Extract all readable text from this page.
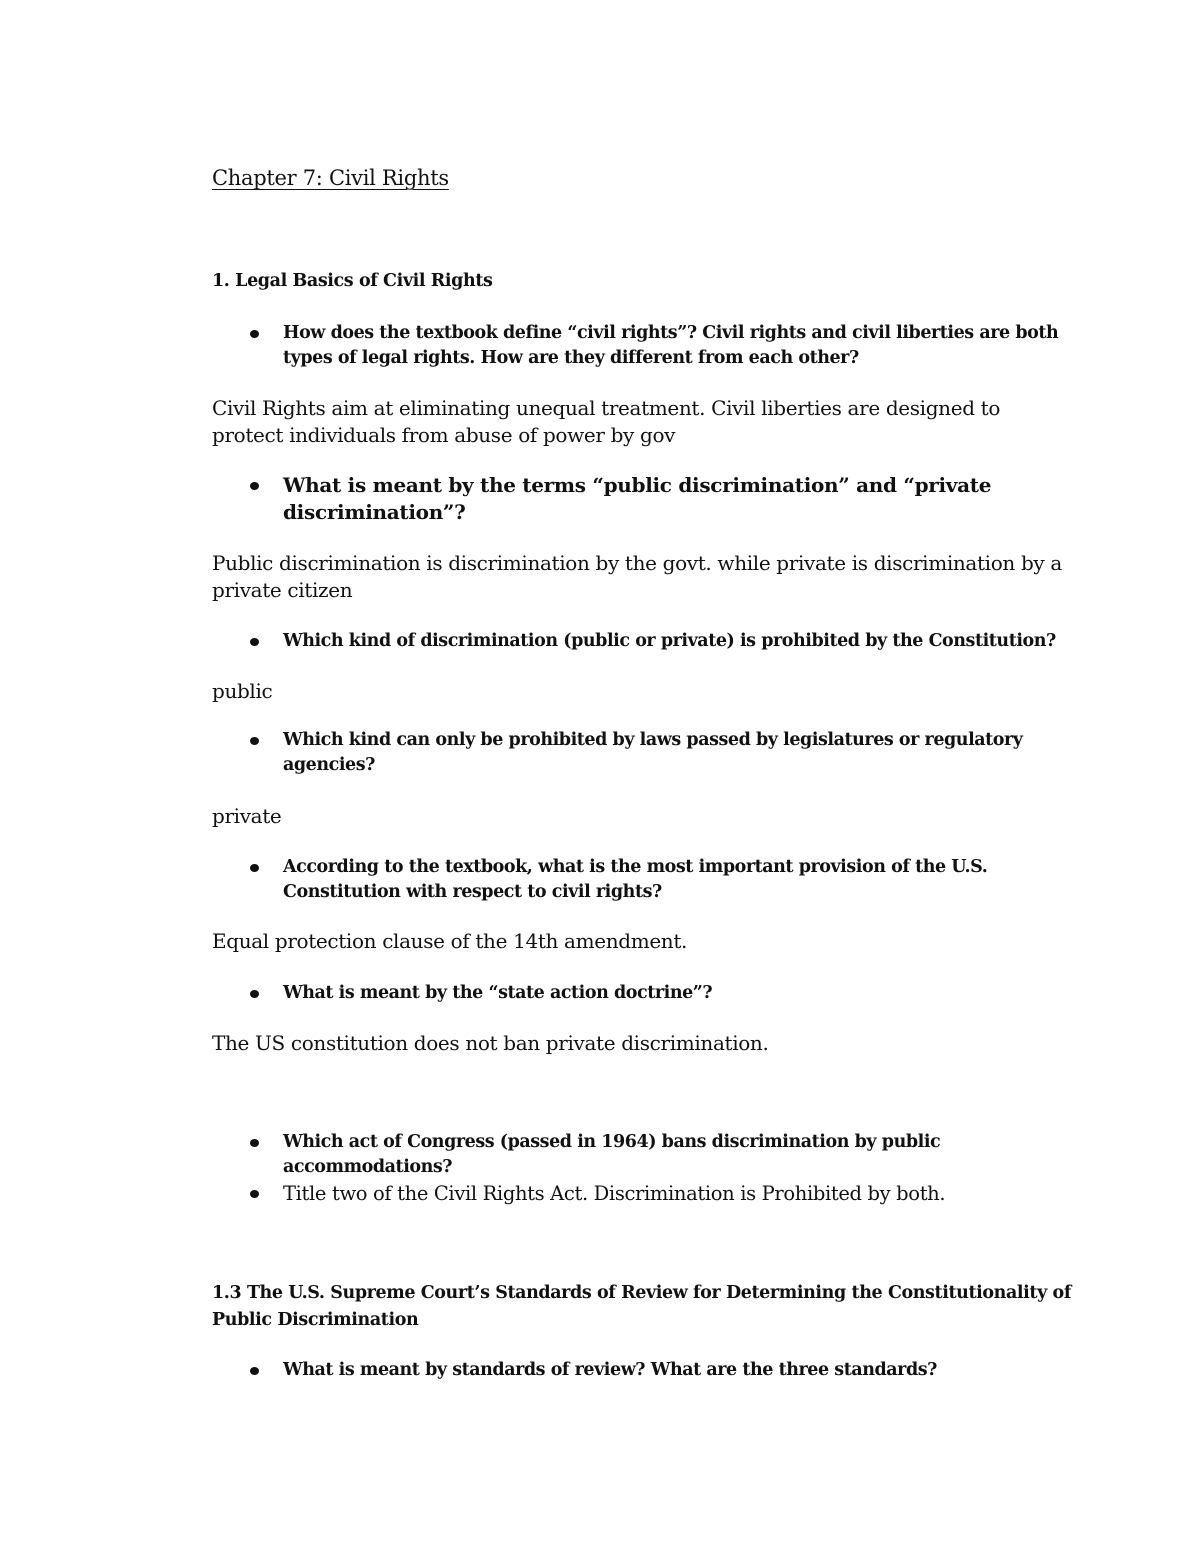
Chapter 7: Civil Rights
1. Legal Basics of Civil Rights
How does the textbook define “civil rights”? Civil rights and civil liberties are both types of legal rights. How are they different from each other?
Civil Rights aim at eliminating unequal treatment. Civil liberties are designed to protect individuals from abuse of power by gov
What is meant by the terms “public discrimination” and “private discrimination”?
Public discrimination is discrimination by the govt. while private is discrimination by a private citizen
Which kind of discrimination (public or private) is prohibited by the Constitution?
public
Which kind can only be prohibited by laws passed by legislatures or regulatory agencies?
private
According to the textbook, what is the most important provision of the U.S. Constitution with respect to civil rights?
Equal protection clause of the 14th amendment.
What is meant by the “state action doctrine”?
The US constitution does not ban private discrimination.
Which act of Congress (passed in 1964) bans discrimination by public accommodations?
Title two of the Civil Rights Act. Discrimination is Prohibited by both.
1.3 The U.S. Supreme Court’s Standards of Review for Determining the Constitutionality of Public Discrimination
What is meant by standards of review? What are the three standards?
